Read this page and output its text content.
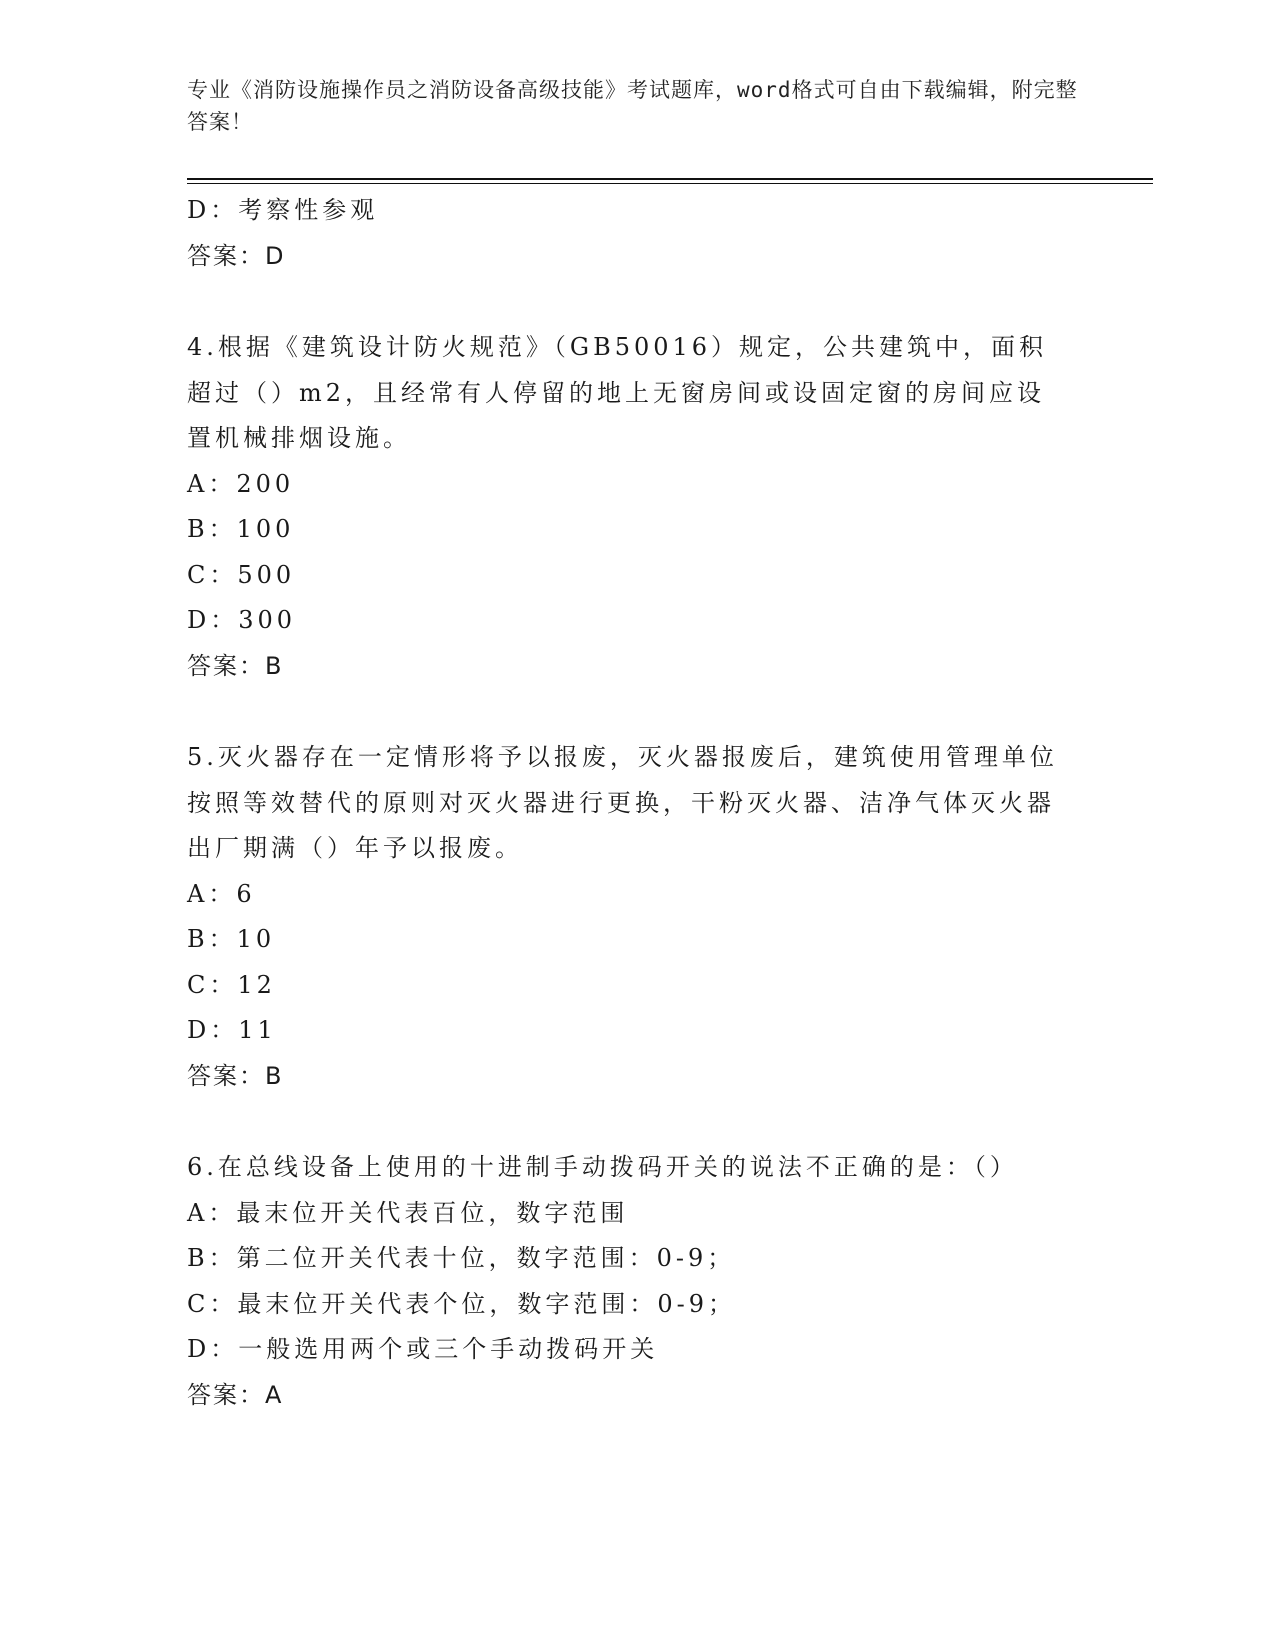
专业《消防设施操作员之消防设备高级技能》考试题库，word格式可自由下载编辑，附完整答案！
D：考察性参观
答案：D
4.根据《建筑设计防火规范》（GB50016）规定，公共建筑中，面积超过（）m2，且经常有人停留的地上无窗房间或设固定窗的房间应设置机械排烟设施。
A：200
B：100
C：500
D：300
答案：B
5.灭火器存在一定情形将予以报废，灭火器报废后，建筑使用管理单位按照等效替代的原则对灭火器进行更换，干粉灭火器、洁净气体灭火器出厂期满（）年予以报废。
A：6
B：10
C：12
D：11
答案：B
6.在总线设备上使用的十进制手动拨码开关的说法不正确的是：（）
A：最末位开关代表百位，数字范围
B：第二位开关代表十位，数字范围：0-9；
C：最末位开关代表个位，数字范围：0-9；
D：一般选用两个或三个手动拨码开关
答案：A
